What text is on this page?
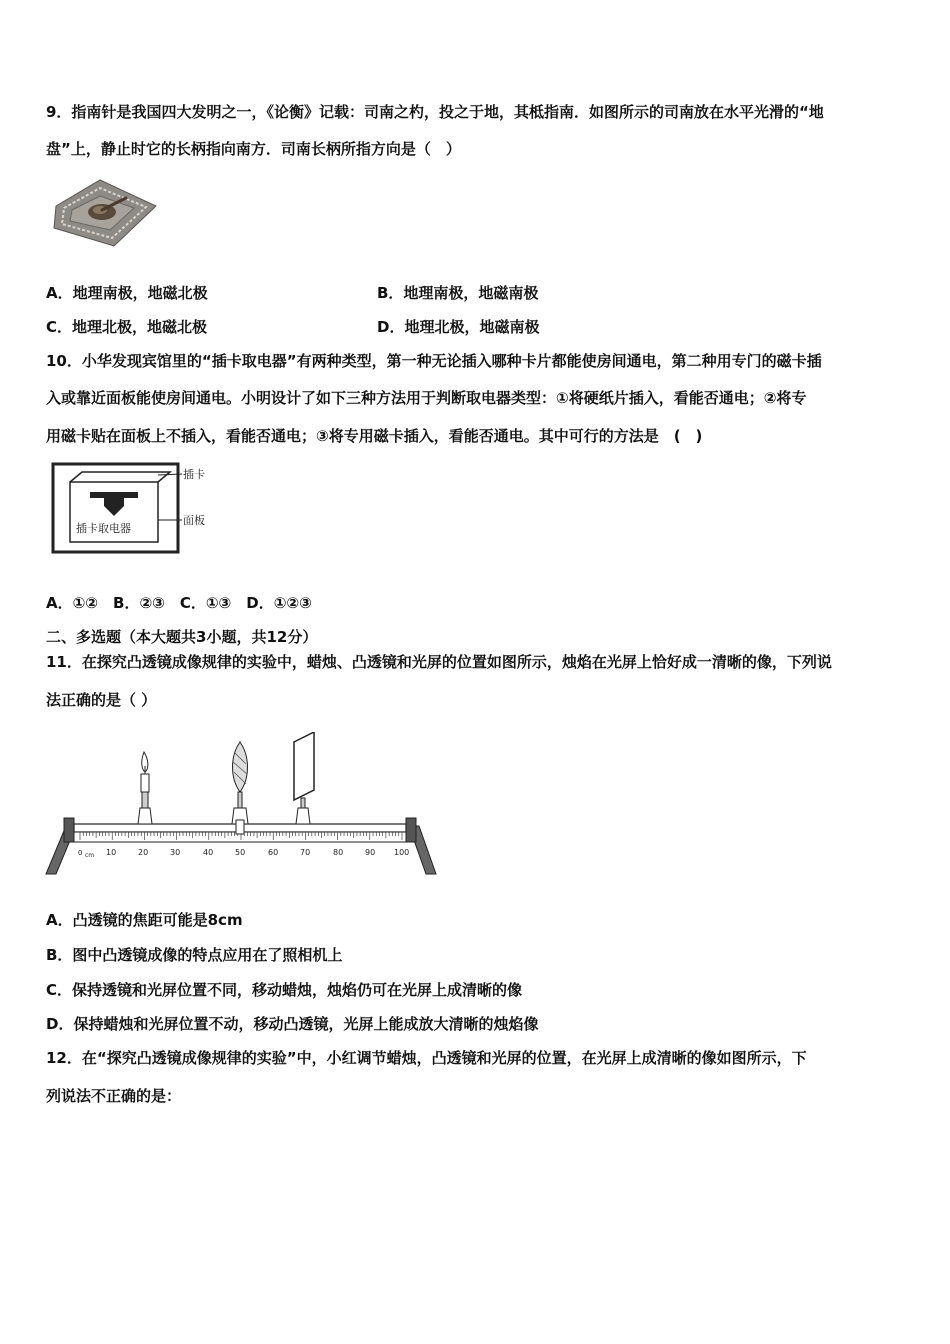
9．指南针是我国四大发明之一，《论衡》记载：司南之杓，投之于地，其柢指南．如图所示的司南放在水平光滑的“地
盘”上，静止时它的长柄指向南方．司南长柄所指方向是（　）
A．地理南极，地磁北极	B．地理南极，地磁南极
C．地理北极，地磁北极	D．地理北极，地磁南极
10．小华发现宾馆里的“插卡取电器”有两种类型，第一种无论插入哪种卡片都能使房间通电，第二种用专门的磁卡插
入或靠近面板能使房间通电。小明设计了如下三种方法用于判断取电器类型：①将硬纸片插入，看能否通电；②将专
用磁卡贴在面板上不插入，看能否通电；③将专用磁卡插入，看能否通电。其中可行的方法是　(　)
插卡取电器
插卡
面板
A．①②　B．②③　C．①③　D．①②③
二、多选题（本大题共3小题，共12分）
11．在探究凸透镜成像规律的实验中，蜡烛、凸透镜和光屏的位置如图所示，烛焰在光屏上恰好成一清晰的像，下列说
法正确的是（ ）
0 cm 10	20	30	40	50	60	70	80	90 100
A．凸透镜的焦距可能是8cm
B．图中凸透镜成像的特点应用在了照相机上
C．保持透镜和光屏位置不同，移动蜡烛，烛焰仍可在光屏上成清晰的像
D．保持蜡烛和光屏位置不动，移动凸透镜，光屏上能成放大清晰的烛焰像
12．在“探究凸透镜成像规律的实验”中，小红调节蜡烛，凸透镜和光屏的位置，在光屏上成清晰的像如图所示，下
列说法不正确的是：
